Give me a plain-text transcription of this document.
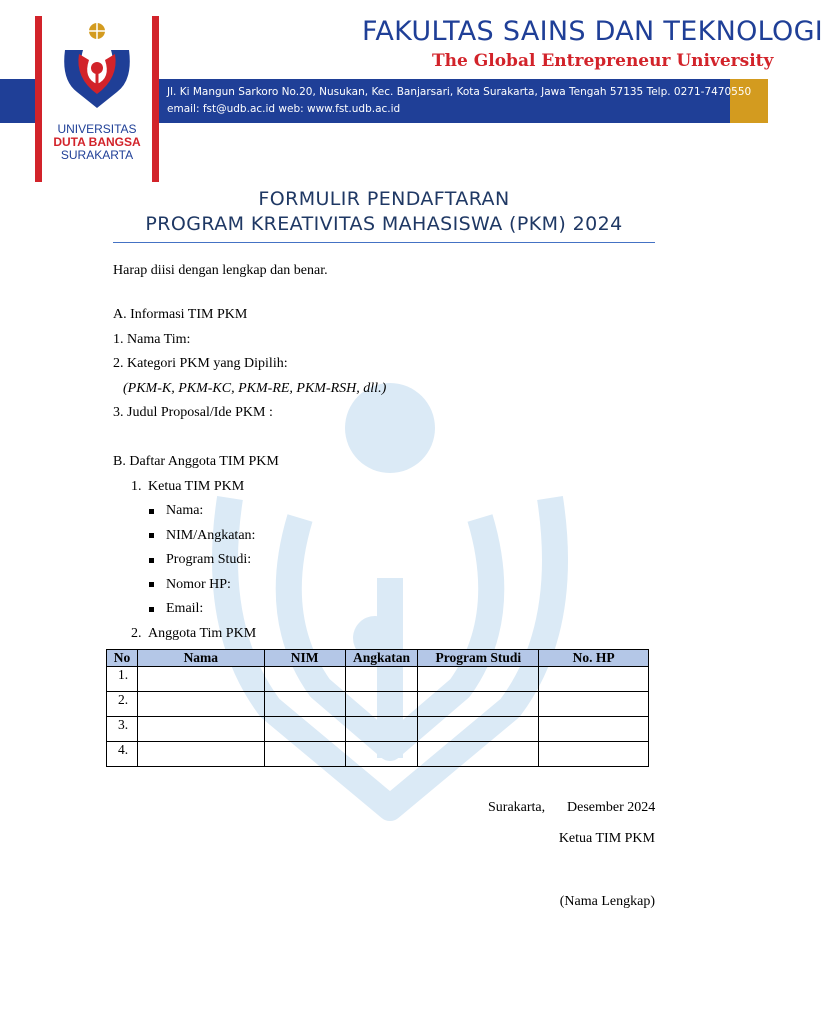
UNIVERSITAS
DUTA BANGSA
SURAKARTA
FAKULTAS SAINS DAN TEKNOLOGI
The Global Entrepreneur University
Jl. Ki Mangun Sarkoro No.20, Nusukan, Kec. Banjarsari, Kota Surakarta, Jawa Tengah 57135 Telp. 0271-7470550
email: fst@udb.ac.id web: www.fst.udb.ac.id
FORMULIR PENDAFTARAN
PROGRAM KREATIVITAS MAHASISWA (PKM) 2024
Harap diisi dengan lengkap dan benar.
A. Informasi TIM PKM
1. Nama Tim:
2. Kategori PKM yang Dipilih:
(PKM-K, PKM-KC, PKM-RE, PKM-RSH, dll.)
3. Judul Proposal/Ide PKM :
B. Daftar Anggota TIM PKM
1. Ketua TIM PKM
Nama:
NIM/Angkatan:
Program Studi:
Nomor HP:
Email:
2. Anggota Tim PKM
No	Nama	NIM	Angkatan	Program Studi	No. HP
1.					
2.					
3.					
4.					
Surakarta, Desember 2024
Ketua TIM PKM
(Nama Lengkap)
